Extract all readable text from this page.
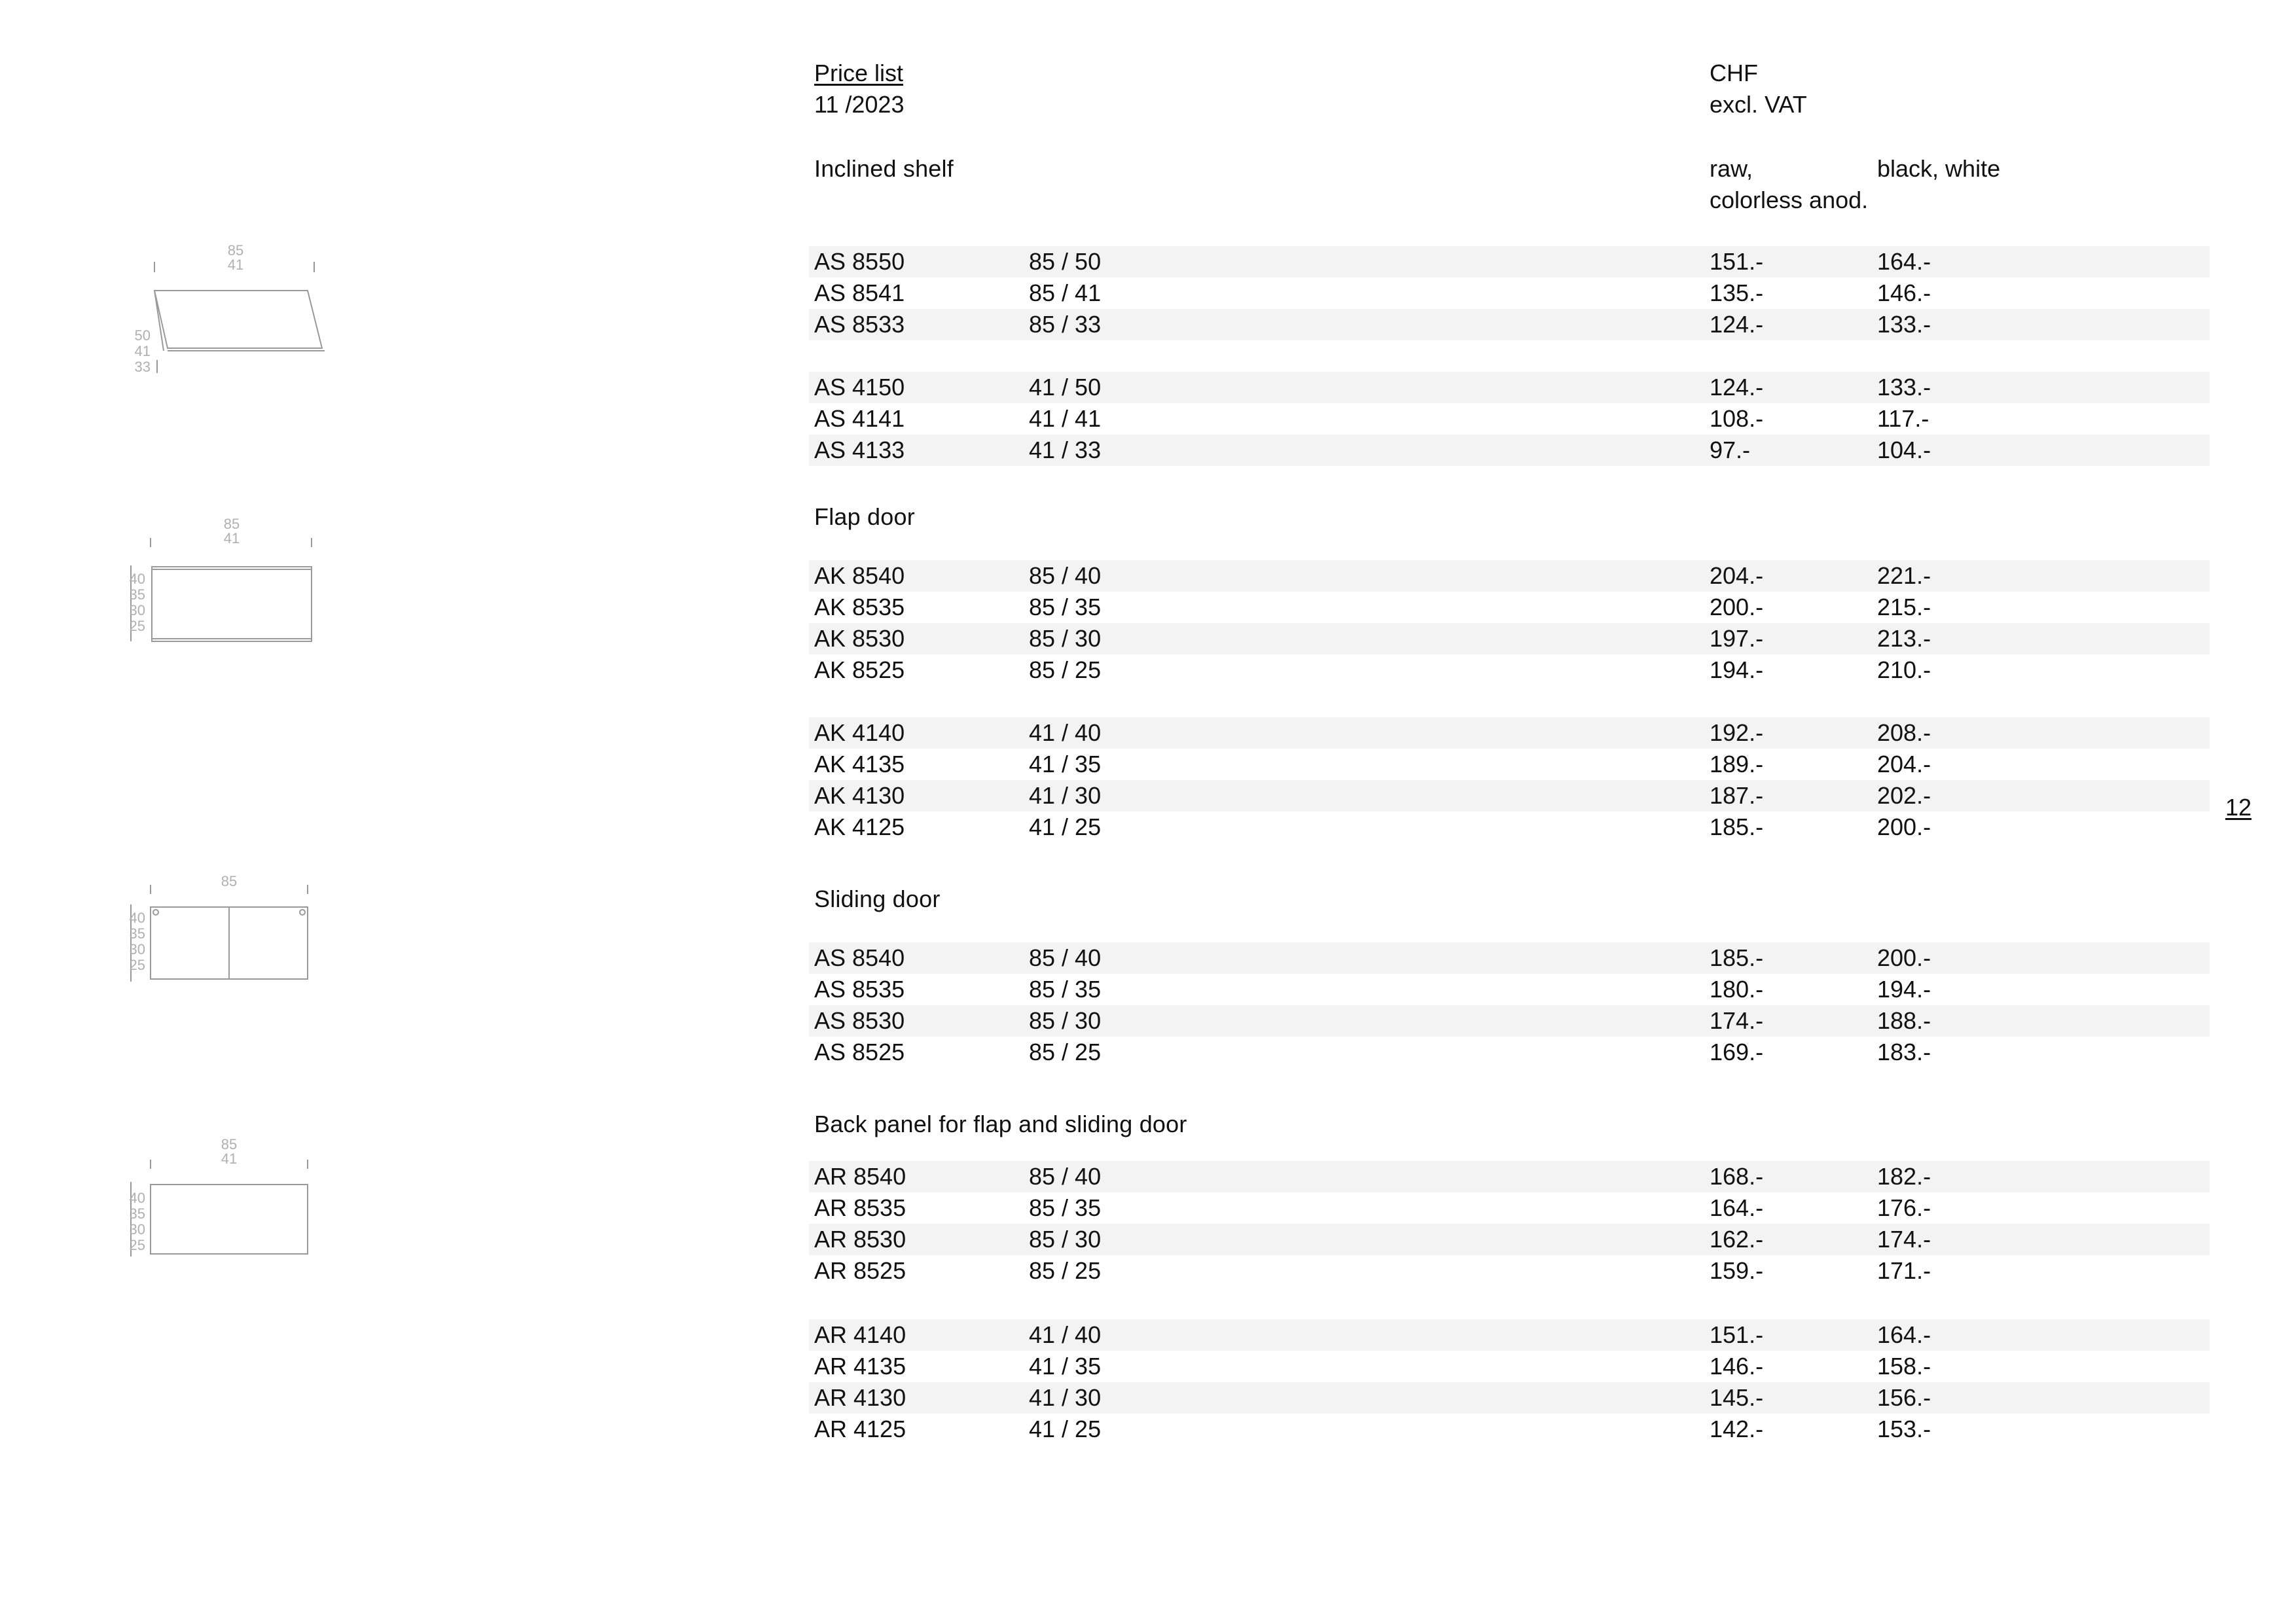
Price list
11 /2023
CHF
excl. VAT
raw,
colorless anod.
black, white
Inclined shelf
Flap door
Sliding door
Back panel for flap and sliding door
AS 8550	85 / 50	151.-	164.-
AS 8541	85 / 41	135.-	146.-
AS 8533	85 / 33	124.-	133.-
AS 4150	41 / 50	124.-	133.-
AS 4141	41 / 41	108.-	117.-
AS 4133	41 / 33	97.-	104.-
AK 8540	85 / 40	204.-	221.-
AK 8535	85 / 35	200.-	215.-
AK 8530	85 / 30	197.-	213.-
AK 8525	85 / 25	194.-	210.-
AK 4140	41 / 40	192.-	208.-
AK 4135	41 / 35	189.-	204.-
AK 4130	41 / 30	187.-	202.-
AK 4125	41 / 25	185.-	200.-
AS 8540	85 / 40	185.-	200.-
AS 8535	85 / 35	180.-	194.-
AS 8530	85 / 30	174.-	188.-
AS 8525	85 / 25	169.-	183.-
AR 8540	85 / 40	168.-	182.-
AR 8535	85 / 35	164.-	176.-
AR 8530	85 / 30	162.-	174.-
AR 8525	85 / 25	159.-	171.-
AR 4140	41 / 40	151.-	164.-
AR 4135	41 / 35	146.-	158.-
AR 4130	41 / 30	145.-	156.-
AR 4125	41 / 25	142.-	153.-
12
85
41
50
41
33
85
41
40
35
30
25
85
40
35
30
25
85
41
40
35
30
25
